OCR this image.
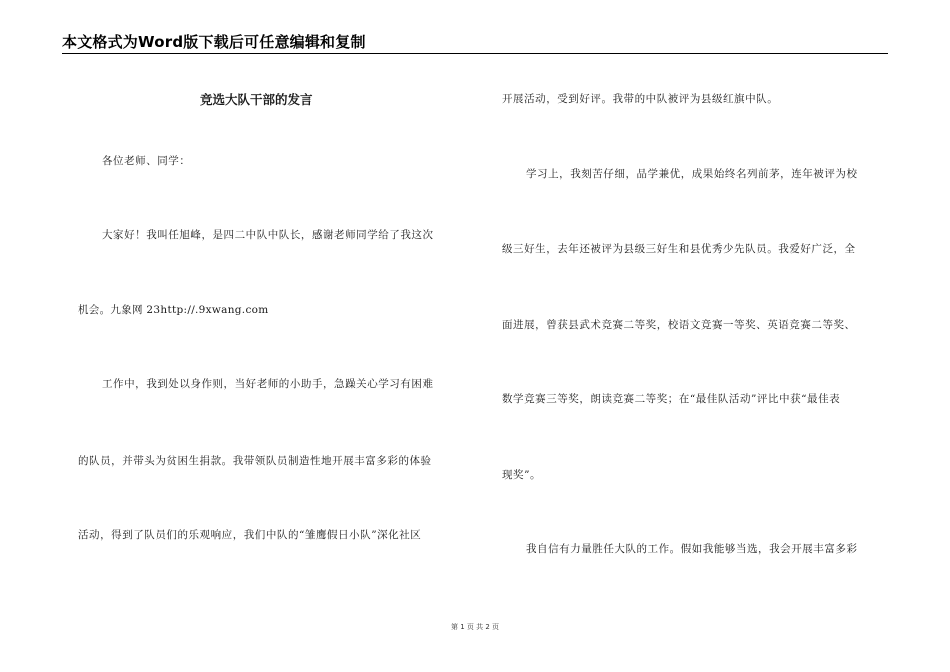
本文格式为Word版下载后可任意编辑和复制
竞选大队干部的发言
各位老师、同学：
大家好！我叫任旭峰，是四二中队中队长，感谢老师同学给了我这次
机会。九象网 23http://.9xwang.com
工作中，我到处以身作则，当好老师的小助手，急躁关心学习有困难
的队员，并带头为贫困生捐款。我带领队员制造性地开展丰富多彩的体验
活动，得到了队员们的乐观响应，我们中队的“雏鹰假日小队”深化社区
开展活动，受到好评。我带的中队被评为县级红旗中队。
学习上，我刻苦仔细，品学兼优，成果始终名列前茅，连年被评为校
级三好生，去年还被评为县级三好生和县优秀少先队员。我爱好广泛，全
面进展，曾获县武术竞赛二等奖，校语文竞赛一等奖、英语竞赛二等奖、
数学竞赛三等奖，朗读竞赛二等奖；在“最佳队活动”评比中获“最佳表
现奖”。
我自信有力量胜任大队的工作。假如我能够当选，我会开展丰富多彩
第 1 页 共 2 页
